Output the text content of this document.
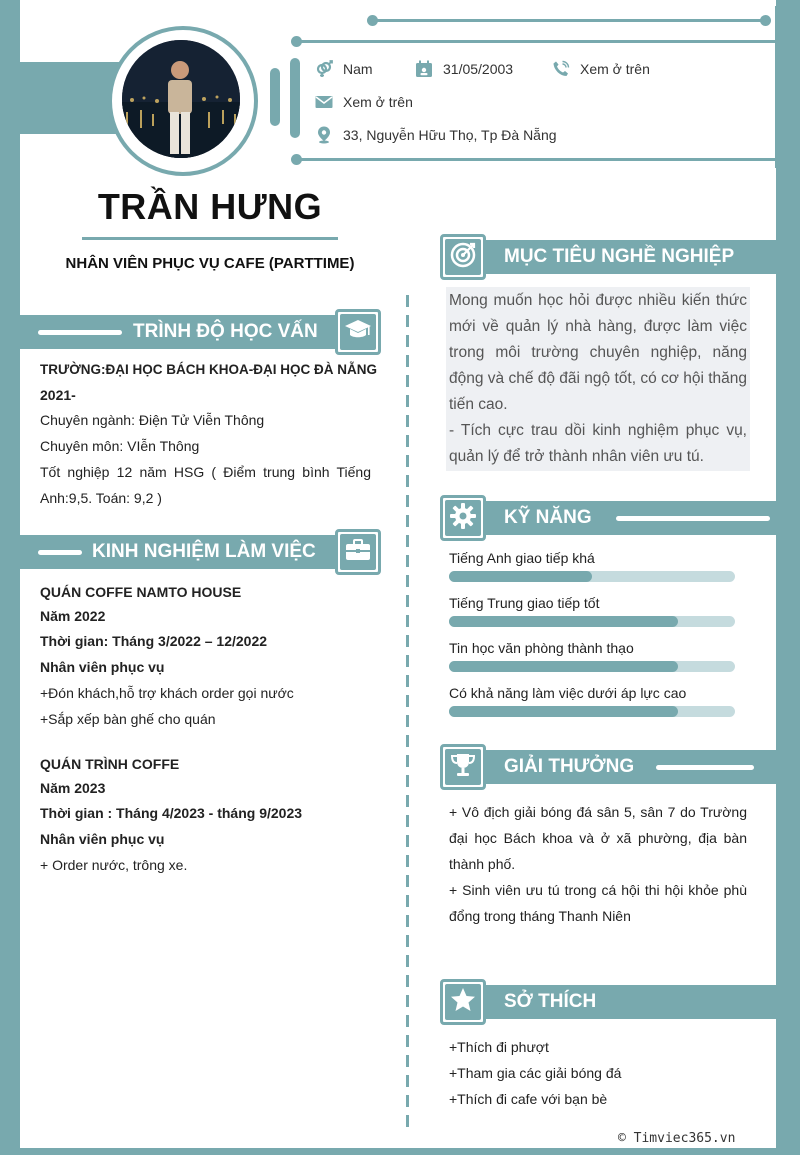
Nam	31/05/2003	Xem ở trên
Xem ở trên
33, Nguyễn Hữu Thọ, Tp Đà Nẵng
TRẦN HƯNG
NHÂN VIÊN PHỤC VỤ CAFE (PARTTIME)
TRÌNH ĐỘ HỌC VẤN
TRƯỜNG:ĐẠI HỌC BÁCH KHOA-ĐẠI HỌC ĐÀ NẴNG
2021-
Chuyên ngành: Điện Tử Viễn Thông
Chuyên môn: VIễn Thông
Tốt nghiệp 12 năm HSG ( Điểm trung bình Tiếng Anh:9,5. Toán: 9,2 )
KINH NGHIỆM LÀM VIỆC
QUÁN COFFE NAMTO HOUSE
Năm 2022
Thời gian: Tháng 3/2022 – 12/2022
Nhân viên phục vụ
+Đón khách,hỗ trợ khách order gọi nước
+Sắp xếp bàn ghế cho quán
QUÁN TRÌNH COFFE
Năm 2023
Thời gian : Tháng 4/2023 - tháng 9/2023
Nhân viên phục vụ
+ Order nước, trông xe.
MỤC TIÊU NGHỀ NGHIỆP
Mong muốn học hỏi được nhiều kiến thức mới về quản lý nhà hàng, được làm việc trong môi trường chuyên nghiệp, năng động và chế độ đãi ngộ tốt, có cơ hội thăng tiến cao.
- Tích cực trau dồi kinh nghiệm phục vụ, quản lý để trở thành nhân viên ưu tú.
KỸ NĂNG
Tiếng Anh giao tiếp khá
Tiếng Trung giao tiếp tốt
Tin học văn phòng thành thạo
Có khả năng làm việc dưới áp lực cao
GIẢI THƯỞNG
+ Vô địch giải bóng đá sân 5, sân 7 do Trường đại học Bách khoa và ở xã phường, địa bàn thành phố.
+ Sinh viên ưu tú trong cá hội thi hội khỏe phù đổng trong tháng Thanh Niên
SỞ THÍCH
+Thích đi phượt
+Tham gia các giải bóng đá
+Thích đi cafe với bạn bè
© Timviec365.vn
